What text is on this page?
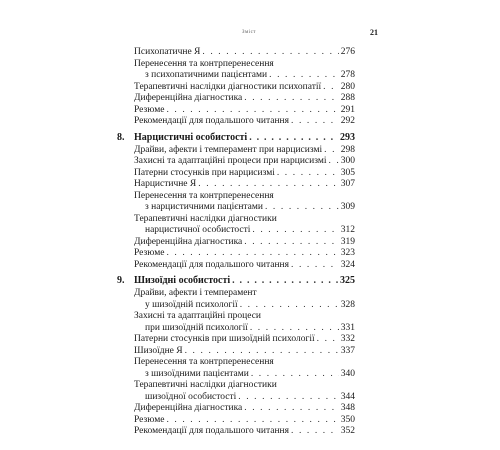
Зміст	21
Психопатичне Я . . .	276
Перенесення та контрперенесення
з психопатичними пацієнтами . . .	278
Терапевтичні наслідки діагностики психопатії . . . 280
Диференційна діагностика . . .	288
Резюме . . .	291
Рекомендації для подальшого читання . . .	292
8. Нарцистичні особистості . . .	293
Драйви, афекти і темперамент при нарцисизмі . . . 298
Захисні та адаптаційні процеси при нарцисизмі . . . 300
Патерни стосунків при нарцисизмі . . .	305
Нарцистичне Я . . .	307
Перенесення та контрперенесення
з нарцистичними пацієнтами . . .	309
Терапевтичні наслідки діагностики
нарцистичної особистості . . .	312
Диференційна діагностика . . .	319
Резюме . . .	323
Рекомендації для подальшого читання . . .	324
9. Шизоїдні особистості . . .	325
Драйви, афекти і темперамент
у шизоїдній психології . . .	328
Захисні та адаптаційні процеси
при шизоїдній психології . . .	331
Патерни стосунків при шизоїдній психології . . .	332
Шизоїдне Я . . .	337
Перенесення та контрперенесення
з шизоїдними пацієнтами . . .	340
Терапевтичні наслідки діагностики
шизоїдної особистості . . .	344
Диференційна діагностика . . .	348
Резюме . . .	350
Рекомендації для подальшого читання . . .	352
